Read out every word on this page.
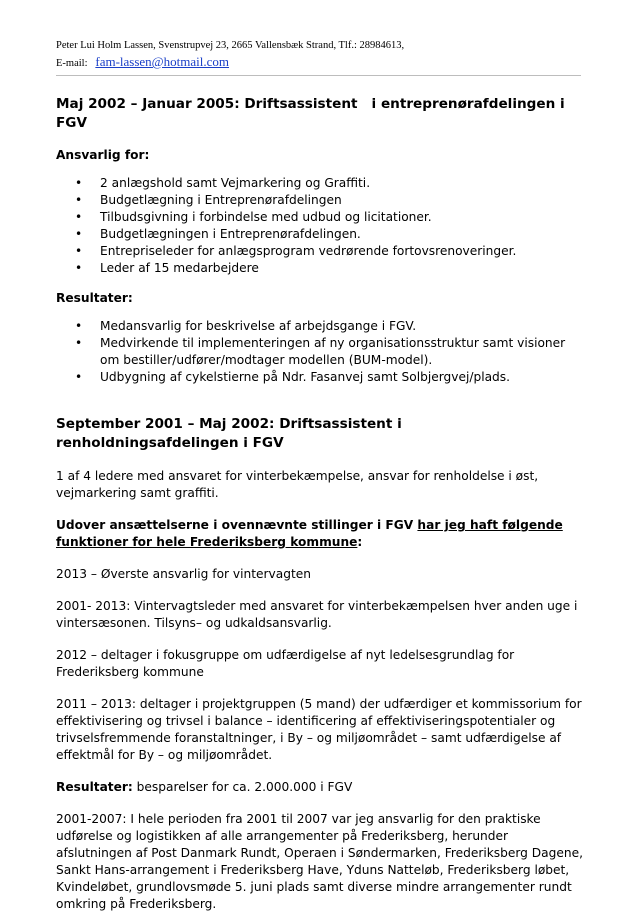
Peter Lui Holm Lassen, Svenstrupvej 23, 2665 Vallensbæk Strand, Tlf.: 28984613,
E-mail: fam-lassen@hotmail.com
Maj 2002 – Januar 2005: Driftsassistent i entreprenørafdelingen i FGV
Ansvarlig for:
• 2 anlægshold samt Vejmarkering og Graffiti.
• Budgetlægning i Entreprenørafdelingen
• Tilbudsgivning i forbindelse med udbud og licitationer.
• Budgetlægningen i Entreprenørafdelingen.
• Entrepriseleder for anlægsprogram vedrørende fortovsrenoveringer.
• Leder af 15 medarbejdere
Resultater:
• Medansvarlig for beskrivelse af arbejdsgange i FGV.
• Medvirkende til implementeringen af ny organisationsstruktur samt visioner om bestiller/udfører/modtager modellen (BUM-model).
• Udbygning af cykelstierne på Ndr. Fasanvej samt Solbjergvej/plads.
September 2001 – Maj 2002: Driftsassistent i renholdningsafdelingen i FGV

1 af 4 ledere med ansvaret for vinterbekæmpelse, ansvar for renholdelse i øst, vejmarkering samt graffiti.

Udover ansættelserne i ovennævnte stillinger i FGV har jeg haft følgende funktioner for hele Frederiksberg kommune:

2013 – Øverste ansvarlig for vintervagten

2001- 2013: Vintervagtsleder med ansvaret for vinterbekæmpelsen hver anden uge i vintersæsonen. Tilsyns– og udkaldsansvarlig.

2012 – deltager i fokusgruppe om udfærdigelse af nyt ledelsesgrundlag for Frederiksberg kommune

2011 – 2013: deltager i projektgruppen (5 mand) der udfærdiger et kommissorium for effektivisering og trivsel i balance – identificering af effektiviseringspotentialer og trivselsfremmende foranstaltninger, i By – og miljøområdet – samt udfærdigelse af effektmål for By – og miljøområdet.

Resultater: besparelser for ca. 2.000.000 i FGV

2001-2007: I hele perioden fra 2001 til 2007 var jeg ansvarlig for den praktiske udførelse og logistikken af alle arrangementer på Frederiksberg, herunder afslutningen af Post Danmark Rundt, Operaen i Søndermarken, Frederiksberg Dagene, Sankt Hans-arrangement i Frederiksberg Have, Yduns Natteløb, Frederiksberg løbet, Kvindeløbet, grundlovsmøde 5. juni plads samt diverse mindre arrangementer rundt omkring på Frederiksberg.
